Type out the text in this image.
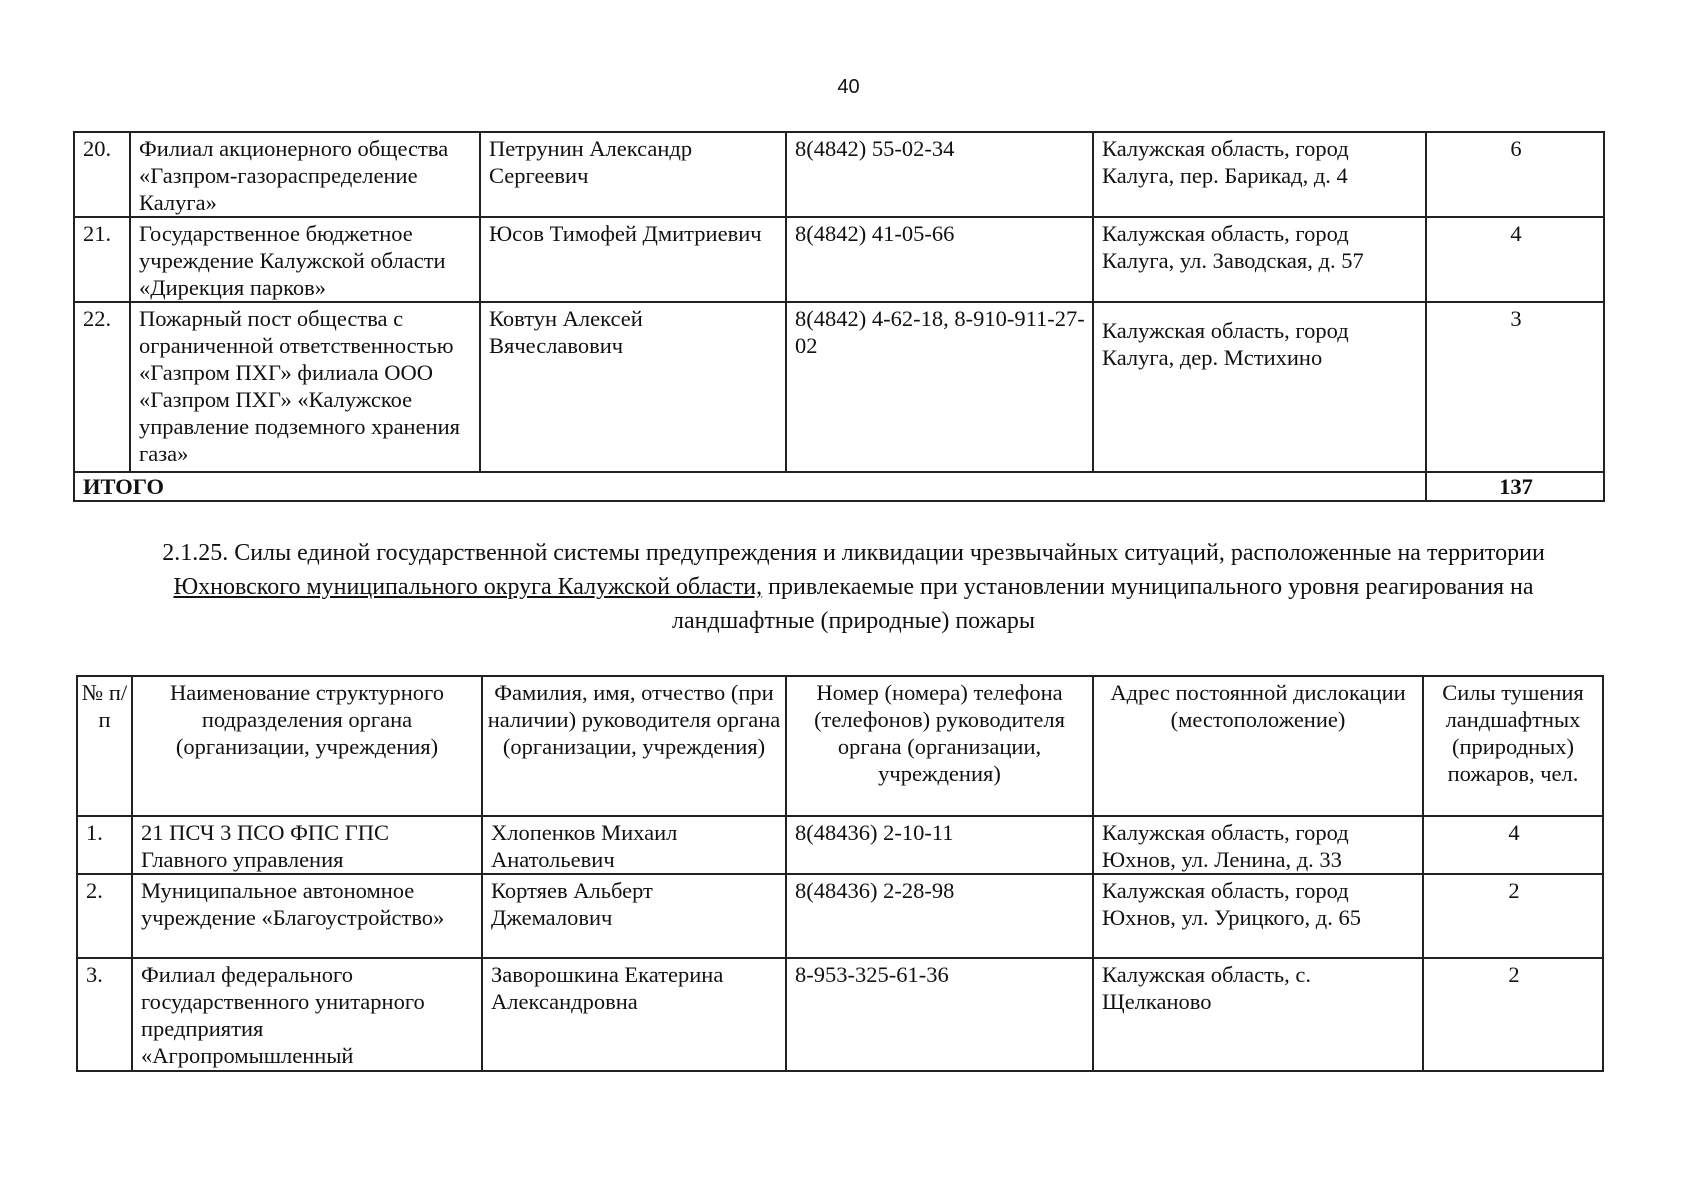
40
20.	Филиал акционерного общества «Газпром-газораспределение Калуга»	Петрунин Александр Сергеевич	8(4842) 55-02-34	Калужская область, город Калуга, пер. Барикад, д. 4	6
21.	Государственное бюджетное учреждение Калужской области «Дирекция парков»	Юсов Тимофей Дмитриевич	8(4842) 41-05-66	Калужская область, город Калуга, ул. Заводская, д. 57	4
22.	Пожарный пост общества с ограниченной ответственностью «Газпром ПХГ» филиала ООО «Газпром ПХГ» «Калужское управление подземного хранения газа»	Ковтун Алексей Вячеславович	8(4842) 4-62-18, 8-910-911-27-02	Калужская область, город Калуга, дер. Мстихино	3
ИТОГО					137
2.1.25. Силы единой государственной системы предупреждения и ликвидации чрезвычайных ситуаций, расположенные на территории Юхновского муниципального округа Калужской области, привлекаемые при установлении муниципального уровня реагирования на ландшафтные (природные) пожары
№ п/п	Наименование структурного подразделения органа (организации, учреждения)	Фамилия, имя, отчество (при наличии) руководителя органа (организации, учреждения)	Номер (номера) телефона (телефонов) руководителя органа (организации, учреждения)	Адрес постоянной дислокации (местоположение)	Силы тушения ландшафтных (природных) пожаров, чел.
1.	21 ПСЧ 3 ПСО ФПС ГПС Главного управления	Хлопенков Михаил Анатольевич	8(48436) 2-10-11	Калужская область, город Юхнов, ул. Ленина, д. 33	4
2.	Муниципальное автономное учреждение «Благоустройство»	Кортяев Альберт Джемалович	8(48436) 2-28-98	Калужская область, город Юхнов, ул. Урицкого, д. 65	2
3.	Филиал федерального государственного унитарного предприятия «Агропромышленный	Заворошкина Екатерина Александровна	8-953-325-61-36	Калужская область, с. Щелканово	2
